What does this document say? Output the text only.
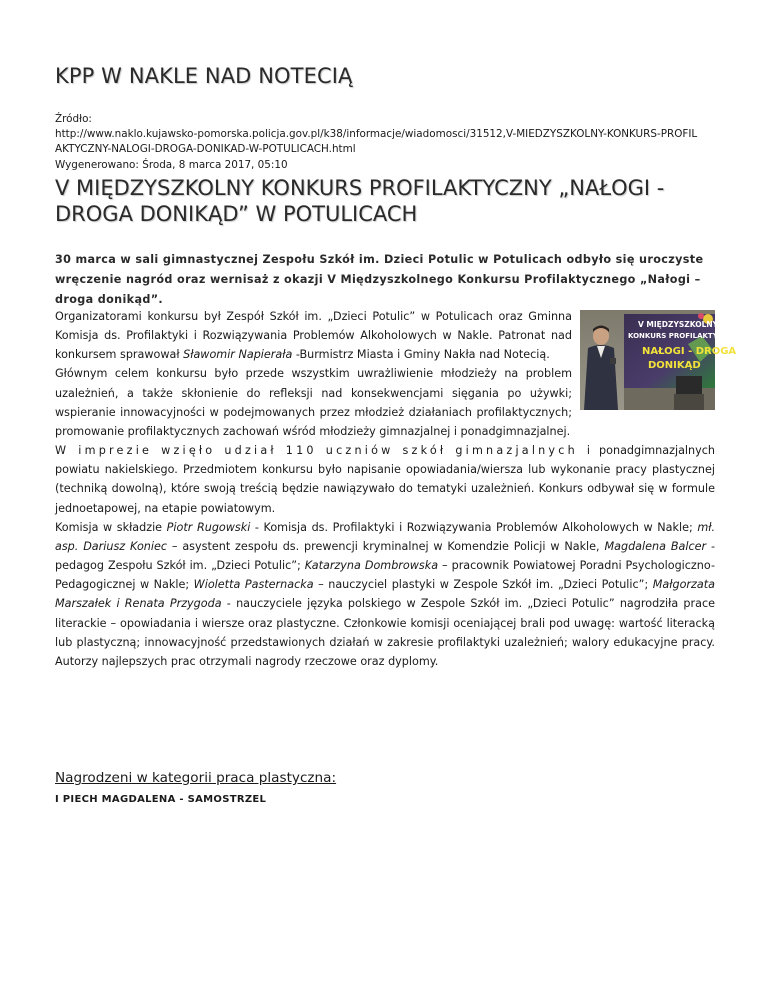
KPP W NAKLE NAD NOTECIĄ
Źródło:
http://www.naklo.kujawsko-pomorska.policja.gov.pl/k38/informacje/wiadomosci/31512,V-MIEDZYSZKOLNY-KONKURS-PROFIL
AKTYCZNY-NALOGI-DROGA-DONIKAD-W-POTULICACH.html
Wygenerowano: Środa, 8 marca 2017, 05:10
V MIĘDZYSZKOLNY KONKURS PROFILAKTYCZNY „NAŁOGI - DROGA DONIKĄD” W POTULICACH

30 marca w sali gimnastycznej Zespołu Szkół im. Dzieci Potulic w Potulicach odbyło się uroczyste wręczenie nagród oraz wernisaż z okazji V Międzyszkolnego Konkursu Profilaktycznego „Nałogi – droga donikąd”.

V MIĘDZYSZKOLNY
KONKURS PROFILAKTYCZNY
NAŁOGI - DROGA
DONIKĄD

Organizatorami konkursu był Zespół Szkół im. „Dzieci Potulic” w Potulicach oraz Gminna Komisja ds. Profilaktyki i Rozwiązywania Problemów Alkoholowych w Nakle. Patronat nad konkursem sprawował Sławomir Napierała -Burmistrz Miasta i Gminy Nakła nad Notecią.

Głównym celem konkursu było przede wszystkim uwrażliwienie młodzieży na problem uzależnień, a także skłonienie do refleksji nad konsekwencjami sięgania po używki; wspieranie innowacyjności w podejmowanych przez młodzież działaniach profilaktycznych; promowanie profilaktycznych zachowań wśród młodzieży gimnazjalnej i ponadgimnazjalnej.

W imprezie wzięło udział 110 uczniów szkół gimnazjalnych i ponadgimnazjalnych powiatu nakielskiego. Przedmiotem konkursu było napisanie opowiadania/wiersza lub wykonanie pracy plastycznej (techniką dowolną), które swoją treścią będzie nawiązywało do tematyki uzależnień. Konkurs odbywał się w formule jednoetapowej, na etapie powiatowym.

Komisja w składzie Piotr Rugowski - Komisja ds. Profilaktyki i Rozwiązywania Problemów Alkoholowych w Nakle; mł. asp. Dariusz Koniec – asystent zespołu ds. prewencji kryminalnej w Komendzie Policji w Nakle, Magdalena Balcer - pedagog Zespołu Szkół im. „Dzieci Potulic”; Katarzyna Dombrowska – pracownik Powiatowej Poradni Psychologiczno-Pedagogicznej w Nakle; Wioletta Pasternacka – nauczyciel plastyki w Zespole Szkół im. „Dzieci Potulic”; Małgorzata Marszałek i Renata Przygoda - nauczyciele języka polskiego w Zespole Szkół im. „Dzieci Potulic” nagrodziła prace literackie – opowiadania i wiersze oraz plastyczne. Członkowie komisji oceniającej brali pod uwagę: wartość literacką lub plastyczną; innowacyjność przedstawionych działań w zakresie profilaktyki uzależnień; walory edukacyjne pracy. Autorzy najlepszych prac otrzymali nagrody rzeczowe oraz dyplomy.

Nagrodzeni w kategorii praca plastyczna:
I PIECH MAGDALENA - SAMOSTRZEL
